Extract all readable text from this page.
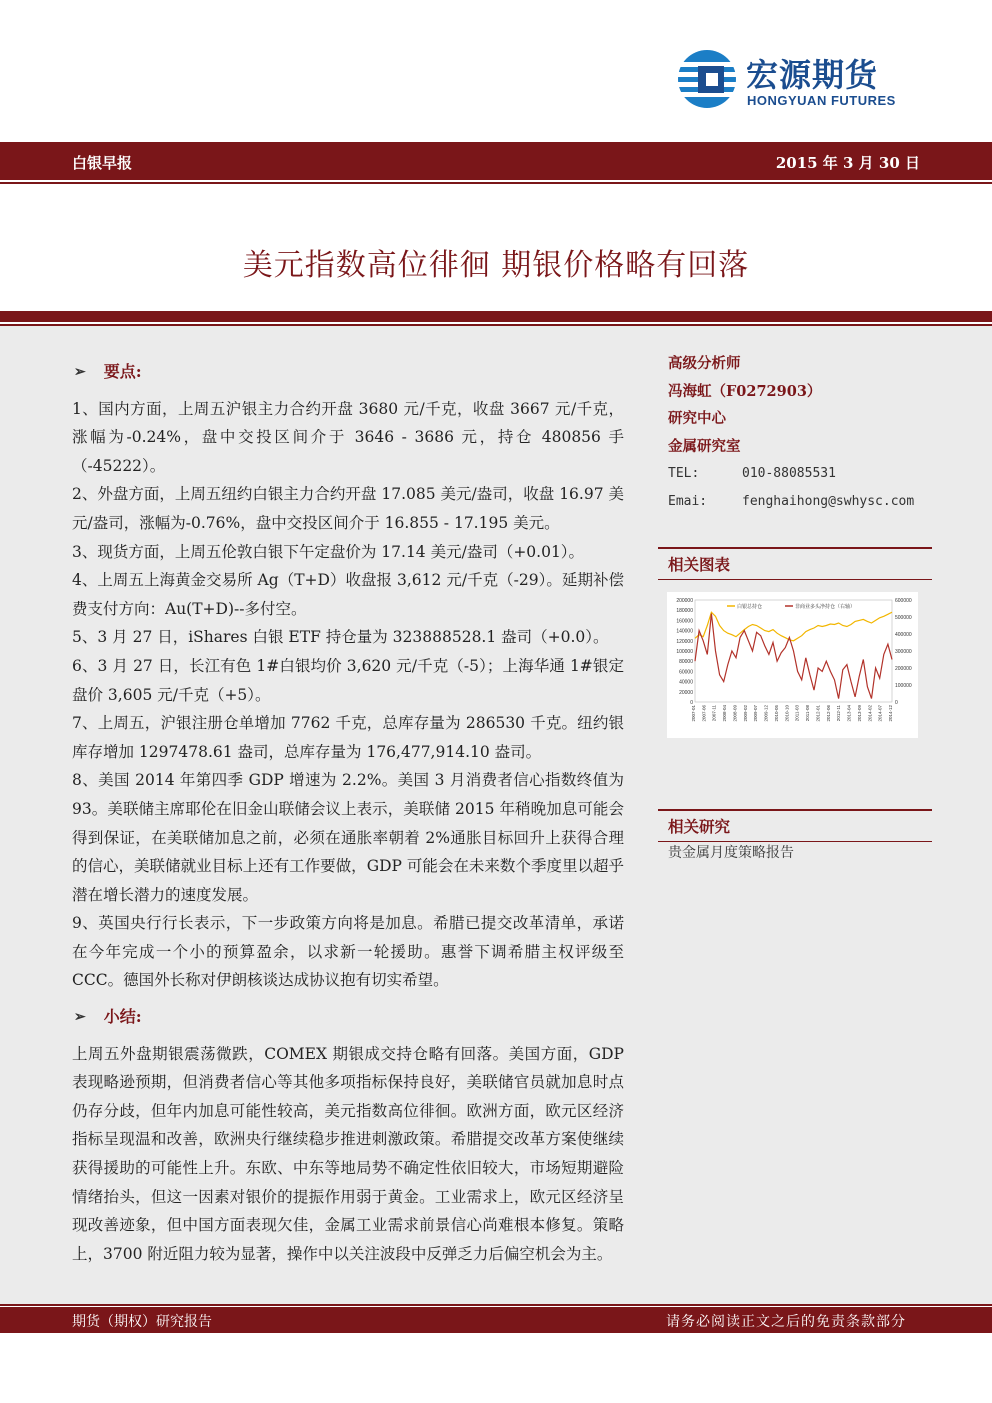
宏源期货
HONGYUAN FUTURES
白银早报	2015 年 3 月 30 日
美元指数高位徘徊 期银价格略有回落
➢ 要点:

1、国内方面，上周五沪银主力合约开盘 3680 元/千克，收盘 3667 元/千克，涨幅为-0.24%，盘中交投区间介于 3646 - 3686 元，持仓 480856 手（-45222）。

2、外盘方面，上周五纽约白银主力合约开盘 17.085 美元/盎司，收盘 16.97 美元/盎司，涨幅为-0.76%，盘中交投区间介于 16.855 - 17.195 美元。

3、现货方面，上周五伦敦白银下午定盘价为 17.14 美元/盎司（+0.01）。

4、上周五上海黄金交易所 Ag（T+D）收盘报 3,612 元/千克（-29）。延期补偿费支付方向：Au(T+D)--多付空。

5、3 月 27 日，iShares 白银 ETF 持仓量为 323888528.1 盎司（+0.0）。

6、3 月 27 日，长江有色 1#白银均价 3,620 元/千克（-5）；上海华通 1#银定盘价 3,605 元/千克（+5）。

7、上周五，沪银注册仓单增加 7762 千克，总库存量为 286530 千克。纽约银库存增加 1297478.61 盎司，总库存量为 176,477,914.10 盎司。

8、美国 2014 年第四季 GDP 增速为 2.2%。美国 3 月消费者信心指数终值为 93。美联储主席耶伦在旧金山联储会议上表示，美联储 2015 年稍晚加息可能会得到保证，在美联储加息之前，必须在通胀率朝着 2%通胀目标回升上获得合理的信心，美联储就业目标上还有工作要做，GDP 可能会在未来数个季度里以超乎潜在增长潜力的速度发展。

9、英国央行行长表示，下一步政策方向将是加息。希腊已提交改革清单，承诺在今年完成一个小的预算盈余，以求新一轮援助。惠誉下调希腊主权评级至 CCC。德国外长称对伊朗核谈达成协议抱有切实希望。

➢ 小结:

上周五外盘期银震荡微跌，COMEX 期银成交持仓略有回落。美国方面，GDP 表现略逊预期，但消费者信心等其他多项指标保持良好，美联储官员就加息时点仍存分歧，但年内加息可能性较高，美元指数高位徘徊。欧洲方面，欧元区经济指标呈现温和改善，欧洲央行继续稳步推进刺激政策。希腊提交改革方案使继续获得援助的可能性上升。东欧、中东等地局势不确定性依旧较大，市场短期避险情绪抬头，但这一因素对银价的提振作用弱于黄金。工业需求上，欧元区经济呈现改善迹象，但中国方面表现欠佳，金属工业需求前景信心尚难根本修复。策略上，3700 附近阻力较为显著，操作中以关注波段中反弹乏力后偏空机会为主。

高级分析师
冯海虹（F0272903）
研究中心
金属研究室
TEL:	010-88085531
Emai:	fenghaihong@swhysc.com
相关图表
200000
180000
160000
140000
120000
100000
80000
60000
40000
20000
0
600000
500000
400000
300000
200000
100000
0
2007-01 2007-06 2007-11 2008-04 2008-09 2009-02 2009-07 2009-12 2010-05 2010-10 2011-03 2011-08 2012-01 2012-06 2012-11 2013-04 2013-09 2014-02 2014-07 2014-12
白银总持仓	非商业多头净持仓（右轴）
相关研究
贵金属月度策略报告
期货（期权）研究报告	请务必阅读正文之后的免责条款部分
